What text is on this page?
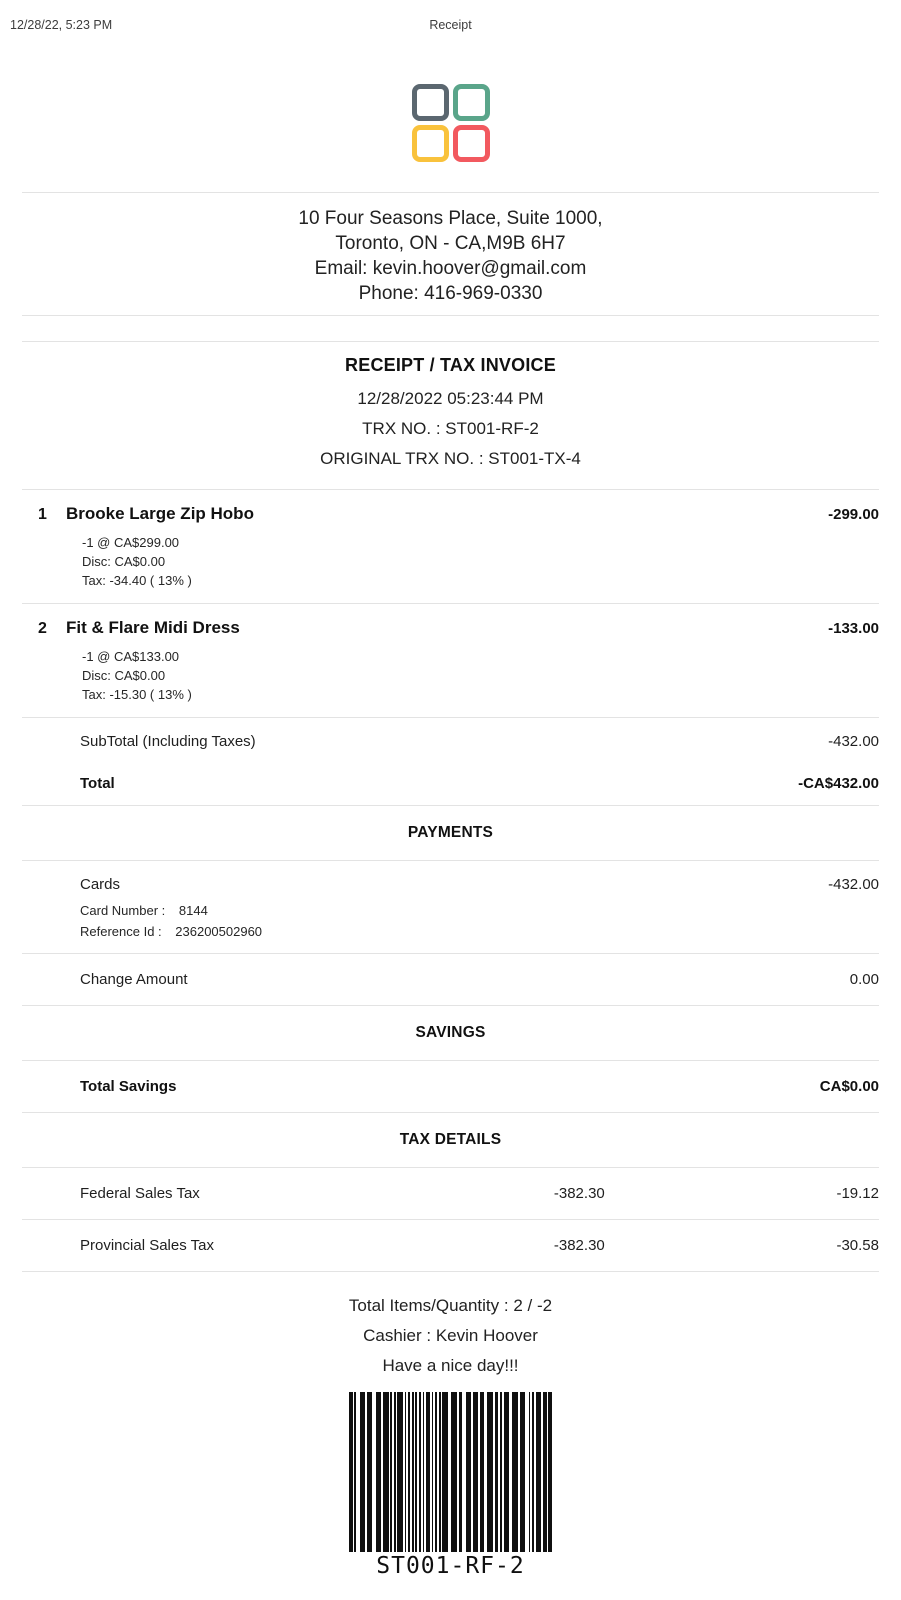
12/28/22, 5:23 PM	Receipt
10 Four Seasons Place, Suite 1000,
Toronto, ON - CA,M9B 6H7
Email: kevin.hoover@gmail.com
Phone: 416-969-0330
RECEIPT / TAX INVOICE
12/28/2022 05:23:44 PM
TRX NO. : ST001-RF-2
ORIGINAL TRX NO. : ST001-TX-4
1	Brooke Large Zip Hobo	-299.00
-1 @ CA$299.00
Disc: CA$0.00
Tax: -34.40 ( 13% )
2	Fit & Flare Midi Dress	-133.00
-1 @ CA$133.00
Disc: CA$0.00
Tax: -15.30 ( 13% )
SubTotal (Including Taxes)	-432.00
Total	-CA$432.00
PAYMENTS
Cards	-432.00
Card Number : 8144
Reference Id : 236200502960
Change Amount	0.00
SAVINGS
Total Savings	CA$0.00
TAX DETAILS
Federal Sales Tax	-382.30	-19.12
Provincial Sales Tax	-382.30	-30.58
Total Items/Quantity : 2 / -2
Cashier : Kevin Hoover
Have a nice day!!!
ST001-RF-2
